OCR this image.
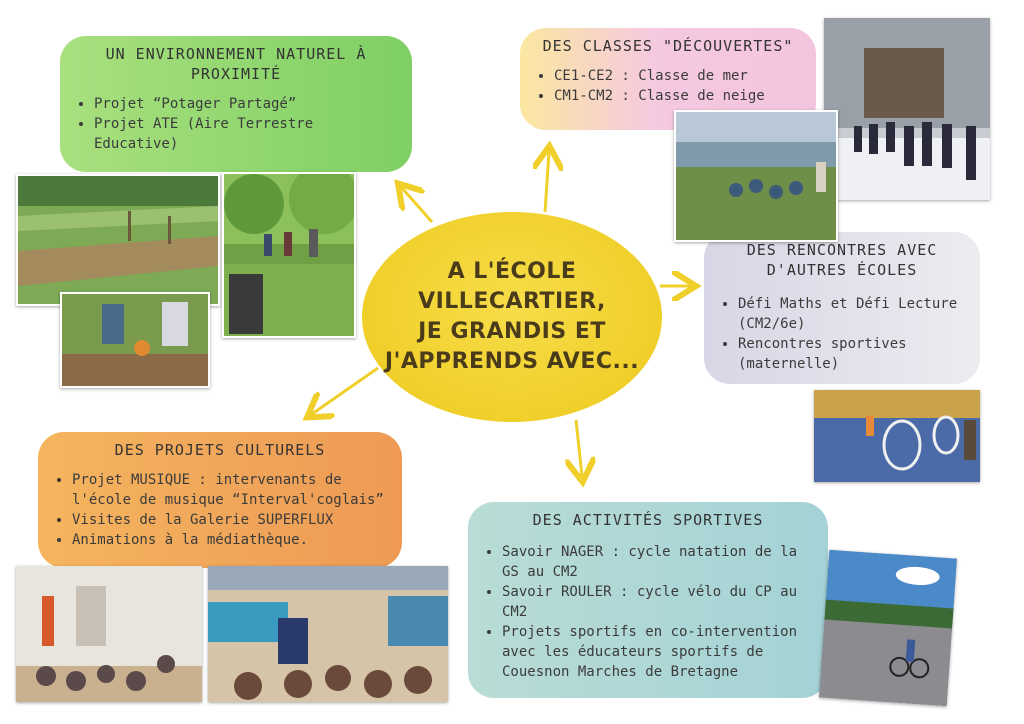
UN ENVIRONNEMENT NATUREL À PROXIMITÉ
• Projet “Potager Partagé”
• Projet ATE (Aire Terrestre Educative)
DES CLASSES "DÉCOUVERTES"
• CE1-CE2 : Classe de mer
• CM1-CM2 : Classe de neige
DES RENCONTRES AVEC D'AUTRES ÉCOLES
• Défi Maths et Défi Lecture (CM2/6e)
• Rencontres sportives (maternelle)
DES PROJETS CULTURELS
• Projet MUSIQUE : intervenants de l'école de musique “Interval'coglais”
• Visites de la Galerie SUPERFLUX
• Animations à la médiathèque.
DES ACTIVITÉS SPORTIVES
• Savoir NAGER : cycle natation de la GS au CM2
• Savoir ROULER : cycle vélo du CP au CM2
• Projets sportifs en co-intervention avec les éducateurs sportifs de Couesnon Marches de Bretagne
A L'ÉCOLE VILLECARTIER,
JE GRANDIS ET
J'APPRENDS AVEC...
